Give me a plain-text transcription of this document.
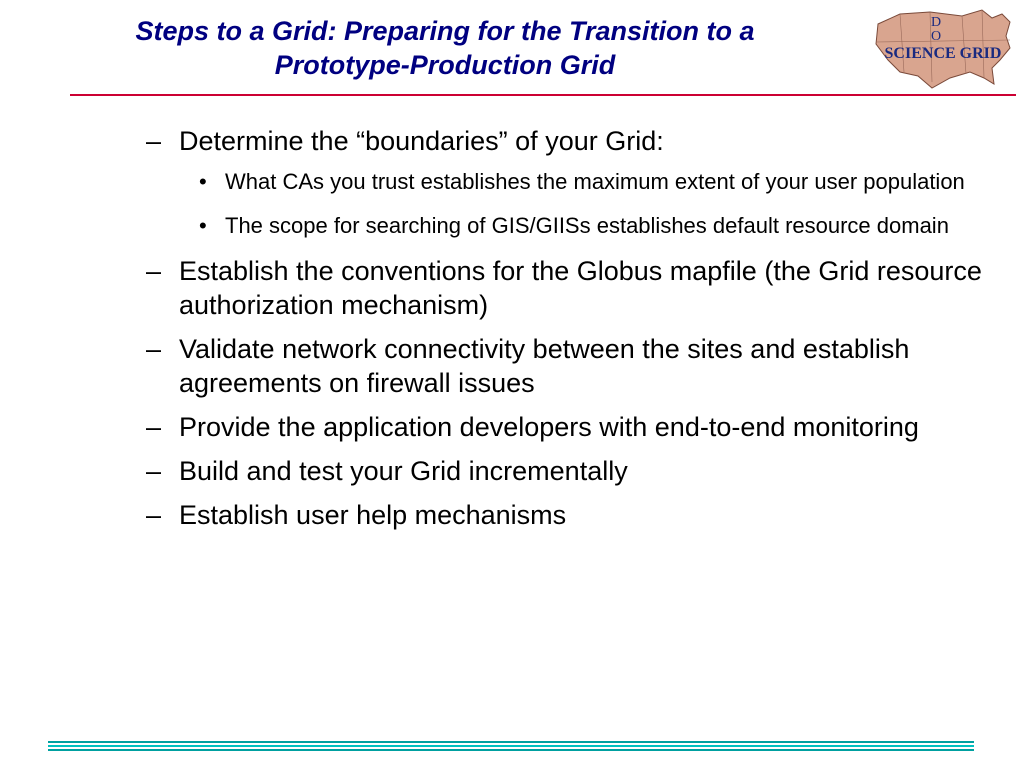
Steps to a Grid: Preparing for the Transition to a
Prototype-Production Grid
D
O
SCIENCE GRID
– Determine the “boundaries” of your Grid:
• What CAs you trust establishes the maximum extent of your user population
• The scope for searching of GIS/GIISs establishes default resource domain
– Establish the conventions for the Globus mapfile (the Grid resource authorization mechanism)
– Validate network connectivity between the sites and establish agreements on firewall issues
– Provide the application developers with end-to-end monitoring
– Build and test your Grid incrementally
– Establish user help mechanisms
